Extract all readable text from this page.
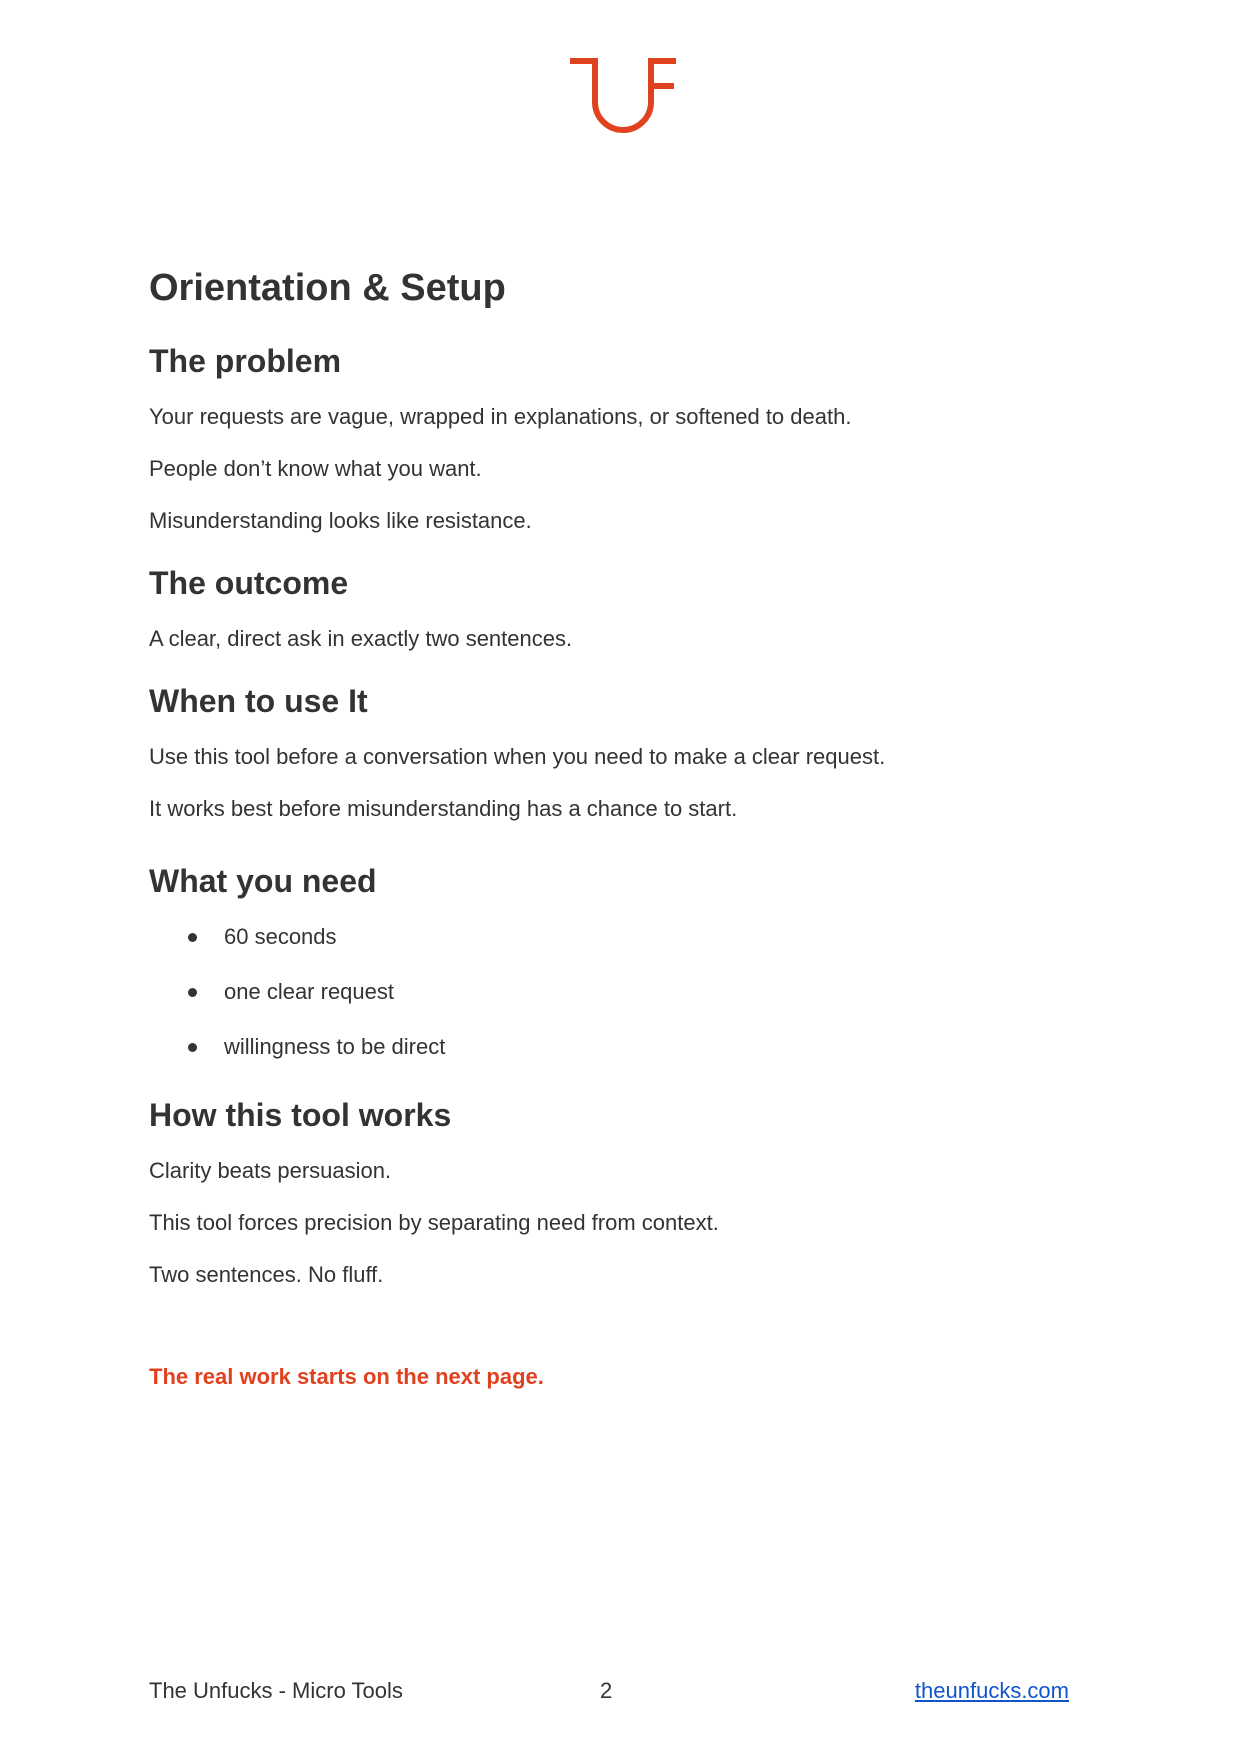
Orientation & Setup
The problem

Your requests are vague, wrapped in explanations, or softened to death.

People don’t know what you want.

Misunderstanding looks like resistance.

The outcome

A clear, direct ask in exactly two sentences.

When to use It

Use this tool before a conversation when you need to make a clear request.

It works best before misunderstanding has a chance to start.

What you need
60 seconds
one clear request
willingness to be direct
How this tool works

Clarity beats persuasion.

This tool forces precision by separating need from context.

Two sentences. No fluff.

The real work starts on the next page.

The Unfucks - Micro Tools	2	theunfucks.com
